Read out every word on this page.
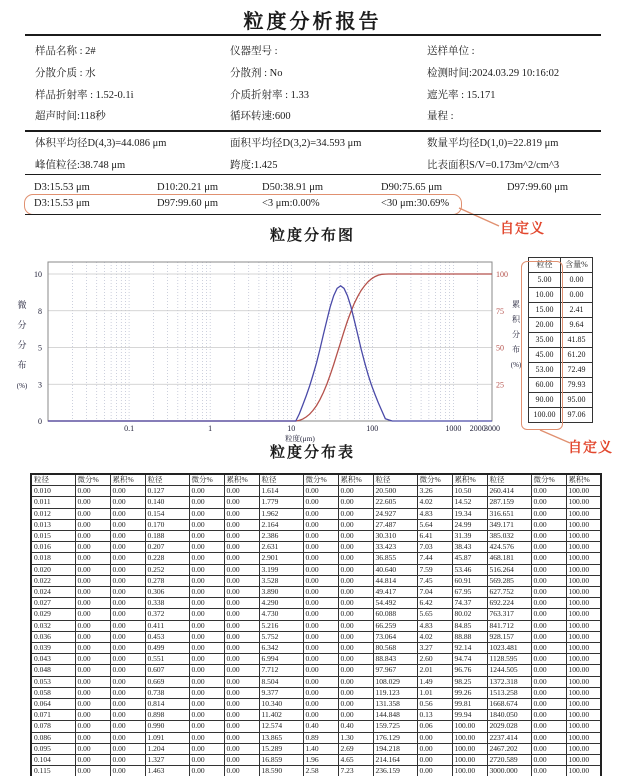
粒度分析报告
样品名称 : 2#	仪器型号 :	送样单位 :
分散介质 : 水	分散剂 : No	检测时间:2024.03.29 10:16:02
样品折射率 : 1.52-0.1i	介质折射率 : 1.33	遮光率 : 15.171
超声时间:118秒	循环转速:600	量程 :
体积平均径D(4,3)=44.086 μm	面积平均径D(3,2)=34.593 μm	数量平均径D(1,0)=22.819 μm
峰值粒径:38.748 μm	跨度:1.425	比表面积S/V=0.173m^2/cm^3
D3:15.53 μm	D10:20.21 μm	D50:38.91 μm	D90:75.65 μm	D97:99.60 μm
D3:15.53 μm	D97:99.60 μm	<3 μm:0.00%	<30 μm:30.69%
自定义
粒度分布图
0
3
5
8
10
25
50
75
100
0.1	1	10	100	1000 2000
3000
粒度(μm)
微
分
分
布
(%)
累
积
分
布
(%)
粒径	含量%
5.00	0.00
10.00	0.00
15.00	2.41
20.00	9.64
35.00	41.85
45.00	61.20
53.00	72.49
60.00	79.93
90.00	95.00
100.00	97.06
自定义
粒度分布表
粒径	微分%	累积%	粒径	微分%	累积%	粒径	微分%	累积%	粒径	微分%	累积%	粒径	微分%	累积%
0.010	0.00	0.00	0.127	0.00	0.00	1.614	0.00	0.00	20.500	3.26	10.50	260.414	0.00	100.00
0.011	0.00	0.00	0.140	0.00	0.00	1.779	0.00	0.00	22.605	4.02	14.52	287.159	0.00	100.00
0.012	0.00	0.00	0.154	0.00	0.00	1.962	0.00	0.00	24.927	4.83	19.34	316.651	0.00	100.00
0.013	0.00	0.00	0.170	0.00	0.00	2.164	0.00	0.00	27.487	5.64	24.99	349.171	0.00	100.00
0.015	0.00	0.00	0.188	0.00	0.00	2.386	0.00	0.00	30.310	6.41	31.39	385.032	0.00	100.00
0.016	0.00	0.00	0.207	0.00	0.00	2.631	0.00	0.00	33.423	7.03	38.43	424.576	0.00	100.00
0.018	0.00	0.00	0.228	0.00	0.00	2.901	0.00	0.00	36.855	7.44	45.87	468.181	0.00	100.00
0.020	0.00	0.00	0.252	0.00	0.00	3.199	0.00	0.00	40.640	7.59	53.46	516.264	0.00	100.00
0.022	0.00	0.00	0.278	0.00	0.00	3.528	0.00	0.00	44.814	7.45	60.91	569.285	0.00	100.00
0.024	0.00	0.00	0.306	0.00	0.00	3.890	0.00	0.00	49.417	7.04	67.95	627.752	0.00	100.00
0.027	0.00	0.00	0.338	0.00	0.00	4.290	0.00	0.00	54.492	6.42	74.37	692.224	0.00	100.00
0.029	0.00	0.00	0.372	0.00	0.00	4.730	0.00	0.00	60.088	5.65	80.02	763.317	0.00	100.00
0.032	0.00	0.00	0.411	0.00	0.00	5.216	0.00	0.00	66.259	4.83	84.85	841.712	0.00	100.00
0.036	0.00	0.00	0.453	0.00	0.00	5.752	0.00	0.00	73.064	4.02	88.88	928.157	0.00	100.00
0.039	0.00	0.00	0.499	0.00	0.00	6.342	0.00	0.00	80.568	3.27	92.14	1023.481	0.00	100.00
0.043	0.00	0.00	0.551	0.00	0.00	6.994	0.00	0.00	88.843	2.60	94.74	1128.595	0.00	100.00
0.048	0.00	0.00	0.607	0.00	0.00	7.712	0.00	0.00	97.967	2.01	96.76	1244.505	0.00	100.00
0.053	0.00	0.00	0.669	0.00	0.00	8.504	0.00	0.00	108.029	1.49	98.25	1372.318	0.00	100.00
0.058	0.00	0.00	0.738	0.00	0.00	9.377	0.00	0.00	119.123	1.01	99.26	1513.258	0.00	100.00
0.064	0.00	0.00	0.814	0.00	0.00	10.340	0.00	0.00	131.358	0.56	99.81	1668.674	0.00	100.00
0.071	0.00	0.00	0.898	0.00	0.00	11.402	0.00	0.00	144.848	0.13	99.94	1840.050	0.00	100.00
0.078	0.00	0.00	0.990	0.00	0.00	12.574	0.40	0.40	159.725	0.06	100.00	2029.028	0.00	100.00
0.086	0.00	0.00	1.091	0.00	0.00	13.865	0.89	1.30	176.129	0.00	100.00	2237.414	0.00	100.00
0.095	0.00	0.00	1.204	0.00	0.00	15.289	1.40	2.69	194.218	0.00	100.00	2467.202	0.00	100.00
0.104	0.00	0.00	1.327	0.00	0.00	16.859	1.96	4.65	214.164	0.00	100.00	2720.589	0.00	100.00
0.115	0.00	0.00	1.463	0.00	0.00	18.590	2.58	7.23	236.159	0.00	100.00	3000.000	0.00	100.00
